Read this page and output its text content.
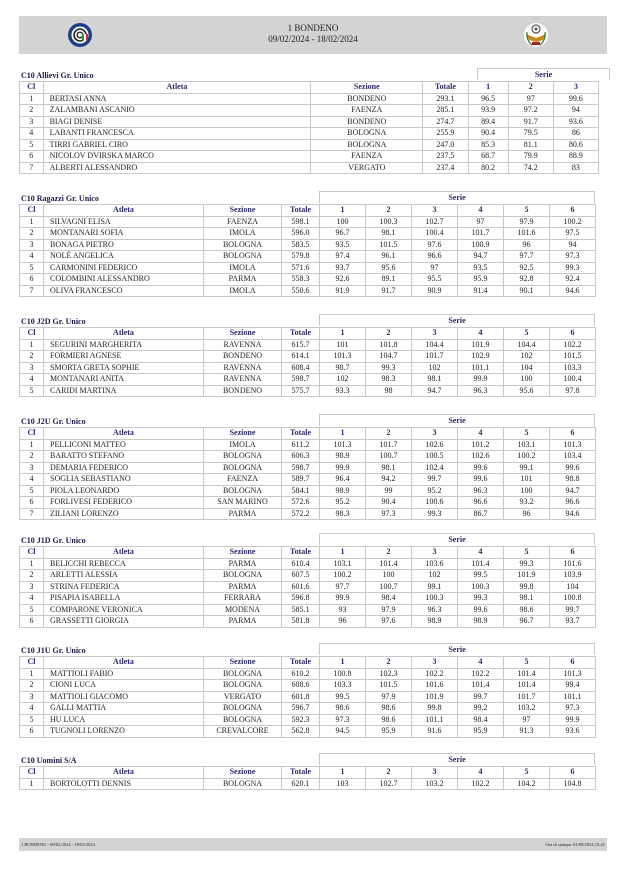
1 BONDENO
09/02/2024 - 18/02/2024
C10 Allievi Gr. Unico	Serie
Cl	Atleta	Sezione	Totale	1	2	3
1	BERTASI ANNA	BONDENO	293.1	96.5	97	99.6
2	ZALAMBANI ASCANIO	FAENZA	285.1	93.9	97.2	94
3	BIAGI DENISE	BONDENO	274.7	89.4	91.7	93.6
4	LABANTI FRANCESCA	BOLOGNA	255.9	90.4	79.5	86
5	TIRRI GABRIEL CIRO	BOLOGNA	247.0	85.3	81.1	80.6
6	NICOLOV DVIRSKA MARCO	FAENZA	237.5	68.7	79.9	88.9
7	ALBERTI ALESSANDRO	VERGATO	237.4	80.2	74.2	83
C10 Ragazzi Gr. Unico	Serie
Cl	Atleta	Sezione	Totale	1	2	3	4	5	6
1	SILVAGNI ELISA	FAENZA	598.1	100	100.3	102.7	97	97.9	100.2
2	MONTANARI SOFIA	IMOLA	596.0	96.7	98.1	100.4	101.7	101.6	97.5
3	BONAGA PIETRO	BOLOGNA	583.5	93.5	101.5	97.6	100.9	96	94
4	NOLÈ ANGELICA	BOLOGNA	579.8	97.4	96.1	96.6	94.7	97.7	97.3
5	CARMONINI FEDERICO	IMOLA	571.6	93.7	95.6	97	93.5	92.5	99.3
6	COLOMBINI ALESSANDRO	PARMA	558.3	92.6	89.1	95.5	95.9	92.8	92.4
7	OLIVA FRANCESCO	IMOLA	550.6	91.9	91.7	90.9	91.4	90.1	94.6
C10 J2D Gr. Unico	Serie
Cl	Atleta	Sezione	Totale	1	2	3	4	5	6
1	SEGURINI MARGHERITA	RAVENNA	615.7	101	101.8	104.4	101.9	104.4	102.2
2	FORMIERI AGNESE	BONDENO	614.1	101.3	104.7	101.7	102.9	102	101.5
3	SMORTA GRETA SOPHIE	RAVENNA	608.4	98.7	99.3	102	101.1	104	103.3
4	MONTANARI ANITA	RAVENNA	598.7	102	98.3	98.1	99.9	100	100.4
5	CARIDI MARTINA	BONDENO	575.7	93.3	98	94.7	96.3	95.6	97.8
C10 J2U Gr. Unico	Serie
Cl	Atleta	Sezione	Totale	1	2	3	4	5	6
1	PELLICONI MATTEO	IMOLA	611.2	101.3	101.7	102.6	101.2	103.1	101.3
2	BARATTO STEFANO	BOLOGNA	606.3	98.9	100.7	100.5	102.6	100.2	103.4
3	DEMARIA FEDERICO	BOLOGNA	598.7	99.9	98.1	102.4	99.6	99.1	99.6
4	SOGLIA SEBASTIANO	FAENZA	589.7	96.4	94.2	99.7	99.6	101	98.8
5	PIOLA LEONARDO	BOLOGNA	584.1	98.9	99	95.2	96.3	100	94.7
6	FORLIVESI FEDERICO	SAN MARINO	572.6	95.2	90.4	100.6	96.6	93.2	96.6
7	ZILIANI LORENZO	PARMA	572.2	98.3	97.3	99.3	86.7	96	94.6
C10 J1D Gr. Unico	Serie
Cl	Atleta	Sezione	Totale	1	2	3	4	5	6
1	BELICCHI REBECCA	PARMA	610.4	103.1	101.4	103.6	101.4	99.3	101.6
2	ARLETTI ALESSIA	BOLOGNA	607.5	100.2	100	102	99.5	101.9	103.9
3	STRINA FEDERICA	PARMA	601.6	97.7	100.7	99.1	100.3	99.8	104
4	PISAPIA ISABELLA	FERRARA	596.8	99.9	98.4	100.3	99.3	98.1	100.8
5	COMPARONE VERONICA	MODENA	585.1	93	97.9	96.3	99.6	98.6	99.7
6	GRASSETTI GIORGIA	PARMA	581.8	96	97.6	98.9	98.9	96.7	93.7
C10 J1U Gr. Unico	Serie
Cl	Atleta	Sezione	Totale	1	2	3	4	5	6
1	MATTIOLI FABIO	BOLOGNA	610.2	100.8	102.3	102.2	102.2	101.4	101.3
2	CIONI LUCA	BOLOGNA	608.6	103.3	101.5	101.6	101.4	101.4	99.4
3	MATTIOLI GIACOMO	VERGATO	601.8	99.5	97.9	101.9	99.7	101.7	101.1
4	GALLI MATTIA	BOLOGNA	596.7	98.6	98.6	99.8	99.2	103.2	97.3
5	HU LUCA	BOLOGNA	592.3	97.3	98.6	101.1	98.4	97	99.9
6	TUGNOLI LORENZO	CREVALCORE	562.8	94.5	95.9	91.6	95.9	91.3	93.6
C10 Uomini S/A	Serie
Cl	Atleta	Sezione	Totale	1	2	3	4	5	6
1	BORTOLOTTI DENNIS	BOLOGNA	620.1	103	102.7	103.2	102.2	104.2	104.8
1 BONDENO - 09/02/2024 - 18/02/2024	Ora di stampa: 01/09/2024 15:41
